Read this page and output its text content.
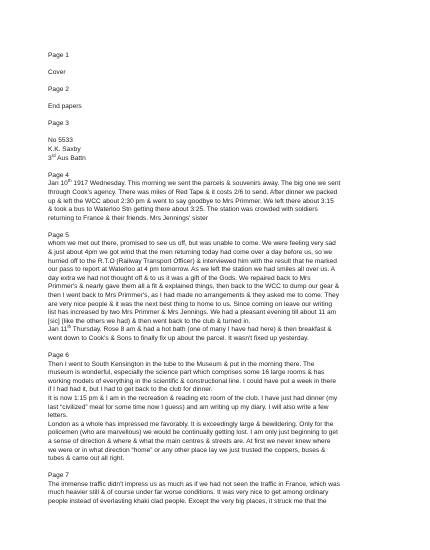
Page 1
Cover
Page 2
End papers
Page 3
No 5533
K.K. Saxby
3rd Aus Battn
Page 4
Jan 10th 1917 Wednesday. This morning we sent the parcels & souvenirs away. The big one we sent
through Cook's agency. There was miles of Red Tape & it costs 2/6 to send. After dinner we packed
up & left the WCC about 2:30 pm & went to say goodbye to Mrs Primmer. We left there about 3:15
& took a bus to Waterloo Stn getting there about 3:25. The station was crowded with soldiers
returning to France & their friends. Mrs Jennings' sister
Page 5
whom we met out there, promised to see us off, but was unable to come. We were feeling very sad
& just about 4pm we got wind that the men returning today had come over a day before us, so we
hurried off to the R.T.O (Railway Transport Officer) & interviewed him with the result that he marked
our pass to report at Waterloo at 4 pm tomorrow. As we left the station we had smiles all over us. A
day extra we had not thought off & to us it was a gift of the Gods. We repaired back to Mrs
Primmer's & nearly gave them all a fit & explained things, then back to the WCC to dump our gear &
then I went back to Mrs Primmer's, as I had made no arrangements & they asked me to come. They
are very nice people & it was the next best thing to home to us. Since coming on leave our writing
list has increased by two Mrs Primmer & Mrs Jennings. We had a pleasant evening till about 11 am
[sic] (like the others we had) & then went back to the club & turned in.
Jan 11th Thursday. Rose 8 am & had a hot bath (one of many I have had here) & then breakfast &
went down to Cook's & Sons to finally fix up about the parcel. It wasn't fixed up yesterday.
Page 6
Then I went to South Kensington in the tube to the Museum & put in the morning there. The
museum is wonderful, especially the science part which comprises some 16 large rooms & has
working models of everything in the scientific & constructional line. I could have put a week in there
if I had had it, but I had to get back to the club for dinner.
It is now 1:15 pm & I am in the recreation & reading etc room of the club. I have just had dinner (my
last “civilized” meal for some time now I guess) and am writing up my diary. I will also write a few
letters.
London as a whole has impressed me favorably. It is exceedingly large & bewildering. Only for the
policemen (who are marvellous) we would be continually getting lost. I am only just beginning to get
a sense of direction & where & what the main centres & streets are. At first we never knew where
we were or in what direction “home” or any other place lay we just trusted the coppers, buses &
tubes & came out all right.
Page 7
The immense traffic didn't impress us as much as if we had not seen the traffic in France, which was
much heavier still & of course under far worse conditions. It was very nice to get among ordinary
people instead of everlasting khaki clad people. Except the very big places, it struck me that the
